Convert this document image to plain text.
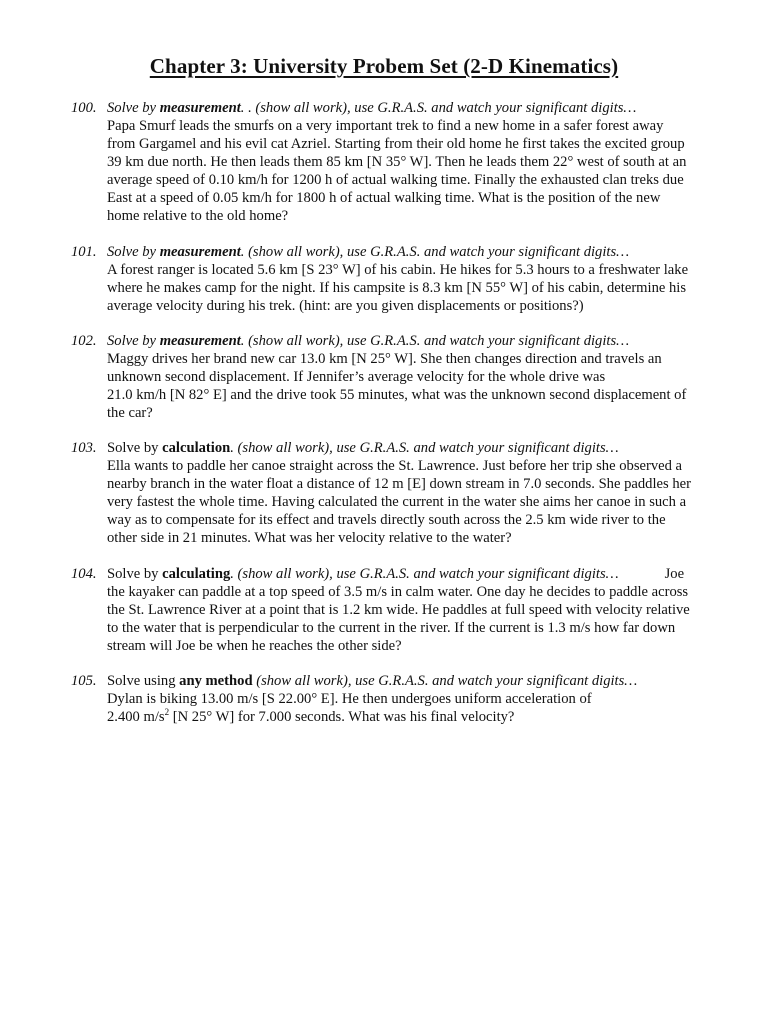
Chapter 3: University Probem Set (2-D Kinematics)
100. Solve by measurement. . (show all work), use G.R.A.S. and watch your significant digits…
Papa Smurf leads the smurfs on a very important trek to find a new home in a safer forest away
from Gargamel and his evil cat Azriel. Starting from their old home he first takes the excited group
39 km due north. He then leads them 85 km [N 35° W]. Then he leads them 22° west of south at an
average speed of 0.10 km/h for 1200 h of actual walking time. Finally the exhausted clan treks due
East at a speed of 0.05 km/h for 1800 h of actual walking time. What is the position of the new
home relative to the old home?
101. Solve by measurement. (show all work), use G.R.A.S. and watch your significant digits…
A forest ranger is located 5.6 km [S 23° W] of his cabin. He hikes for 5.3 hours to a freshwater lake
where he makes camp for the night. If his campsite is 8.3 km [N 55° W] of his cabin, determine his
average velocity during his trek. (hint: are you given displacements or positions?)
102. Solve by measurement. (show all work), use G.R.A.S. and watch your significant digits…
Maggy drives her brand new car 13.0 km [N 25° W]. She then changes direction and travels an
unknown second displacement. If Jennifer’s average velocity for the whole drive was
21.0 km/h [N 82° E] and the drive took 55 minutes, what was the unknown second displacement of
the car?
103. Solve by calculation. (show all work), use G.R.A.S. and watch your significant digits…
Ella wants to paddle her canoe straight across the St. Lawrence. Just before her trip she observed a
nearby branch in the water float a distance of 12 m [E] down stream in 7.0 seconds. She paddles her
very fastest the whole time. Having calculated the current in the water she aims her canoe in such a
way as to compensate for its effect and travels directly south across the 2.5 km wide river to the
other side in 21 minutes. What was her velocity relative to the water?
104. Solve by calculating. (show all work), use G.R.A.S. and watch your significant digits…	Joe
the kayaker can paddle at a top speed of 3.5 m/s in calm water. One day he decides to paddle across
the St. Lawrence River at a point that is 1.2 km wide. He paddles at full speed with velocity relative
to the water that is perpendicular to the current in the river. If the current is 1.3 m/s how far down
stream will Joe be when he reaches the other side?
105. Solve using any method (show all work), use G.R.A.S. and watch your significant digits…
Dylan is biking 13.00 m/s [S 22.00° E]. He then undergoes uniform acceleration of
2.400 $m/s^2$ [N 25° W] for 7.000 seconds. What was his final velocity?
